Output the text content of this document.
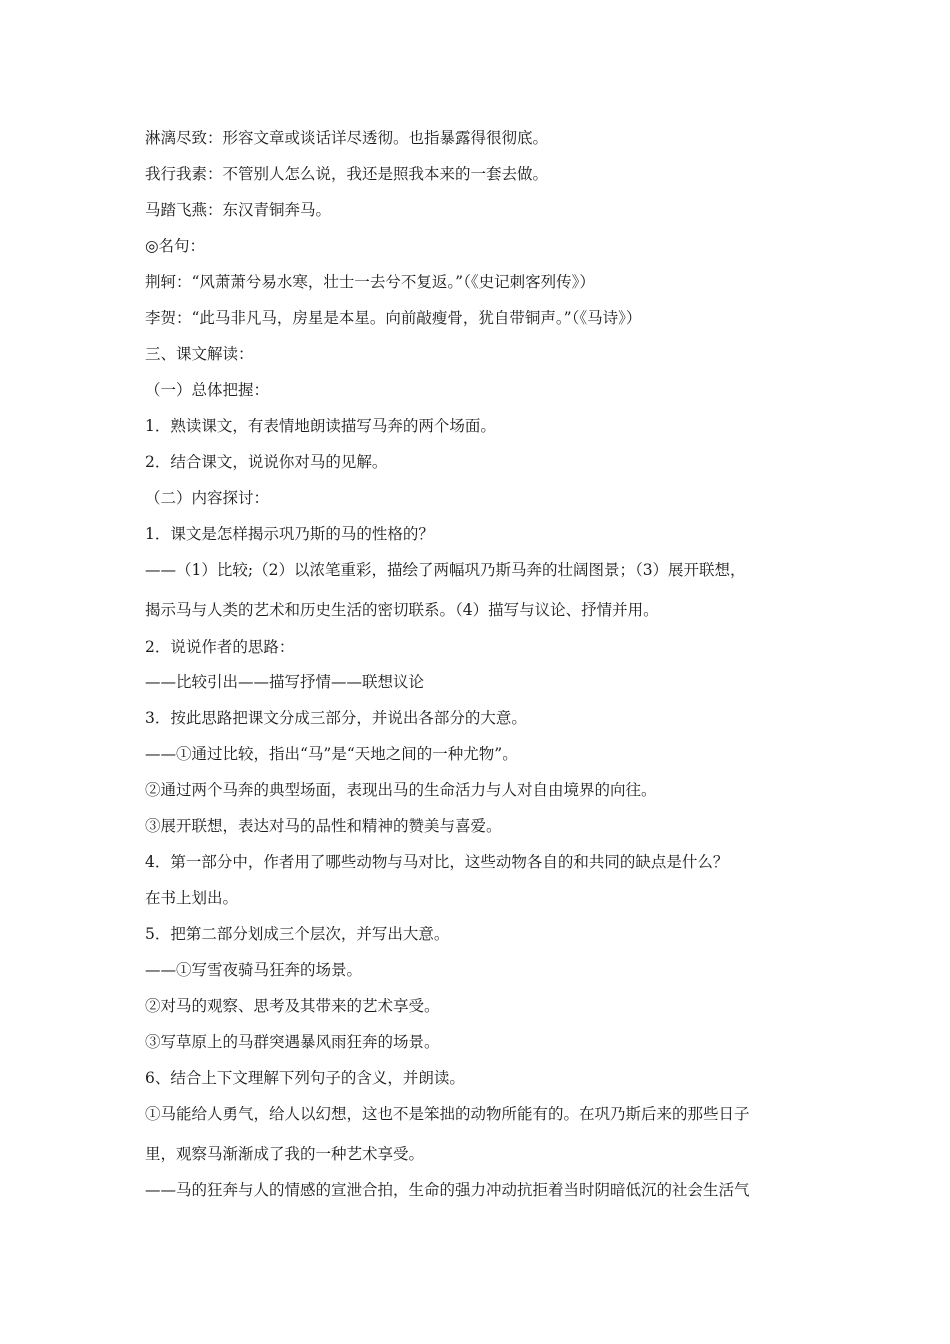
淋漓尽致：形容文章或谈话详尽透彻。也指暴露得很彻底。
我行我素：不管别人怎么说，我还是照我本来的一套去做。
马踏飞燕：东汉青铜奔马。
◎名句：
荆轲：“风萧萧兮易水寒，壮士一去兮不复返。”（《史记刺客列传》）
李贺：“此马非凡马，房星是本星。向前敲瘦骨，犹自带铜声。”（《马诗》）
三、课文解读：
（一）总体把握：
1．熟读课文，有表情地朗读描写马奔的两个场面。
2．结合课文，说说你对马的见解。
（二）内容探讨：
1．课文是怎样揭示巩乃斯的马的性格的？
——（1）比较;（2）以浓笔重彩，描绘了两幅巩乃斯马奔的壮阔图景；（3）展开联想，
揭示马与人类的艺术和历史生活的密切联系。（4）描写与议论、抒情并用。
2．说说作者的思路：
——比较引出——描写抒情——联想议论
3．按此思路把课文分成三部分，并说出各部分的大意。
——①通过比较，指出“马”是“天地之间的一种尤物”。
②通过两个马奔的典型场面，表现出马的生命活力与人对自由境界的向往。
③展开联想，表达对马的品性和精神的赞美与喜爱。
4．第一部分中，作者用了哪些动物与马对比，这些动物各自的和共同的缺点是什么？
在书上划出。
5．把第二部分划成三个层次，并写出大意。
——①写雪夜骑马狂奔的场景。
②对马的观察、思考及其带来的艺术享受。
③写草原上的马群突遇暴风雨狂奔的场景。
6、结合上下文理解下列句子的含义，并朗读。
①马能给人勇气，给人以幻想，这也不是笨拙的动物所能有的。在巩乃斯后来的那些日子
里，观察马渐渐成了我的一种艺术享受。
——马的狂奔与人的情感的宣泄合拍，生命的强力冲动抗拒着当时阴暗低沉的社会生活气
